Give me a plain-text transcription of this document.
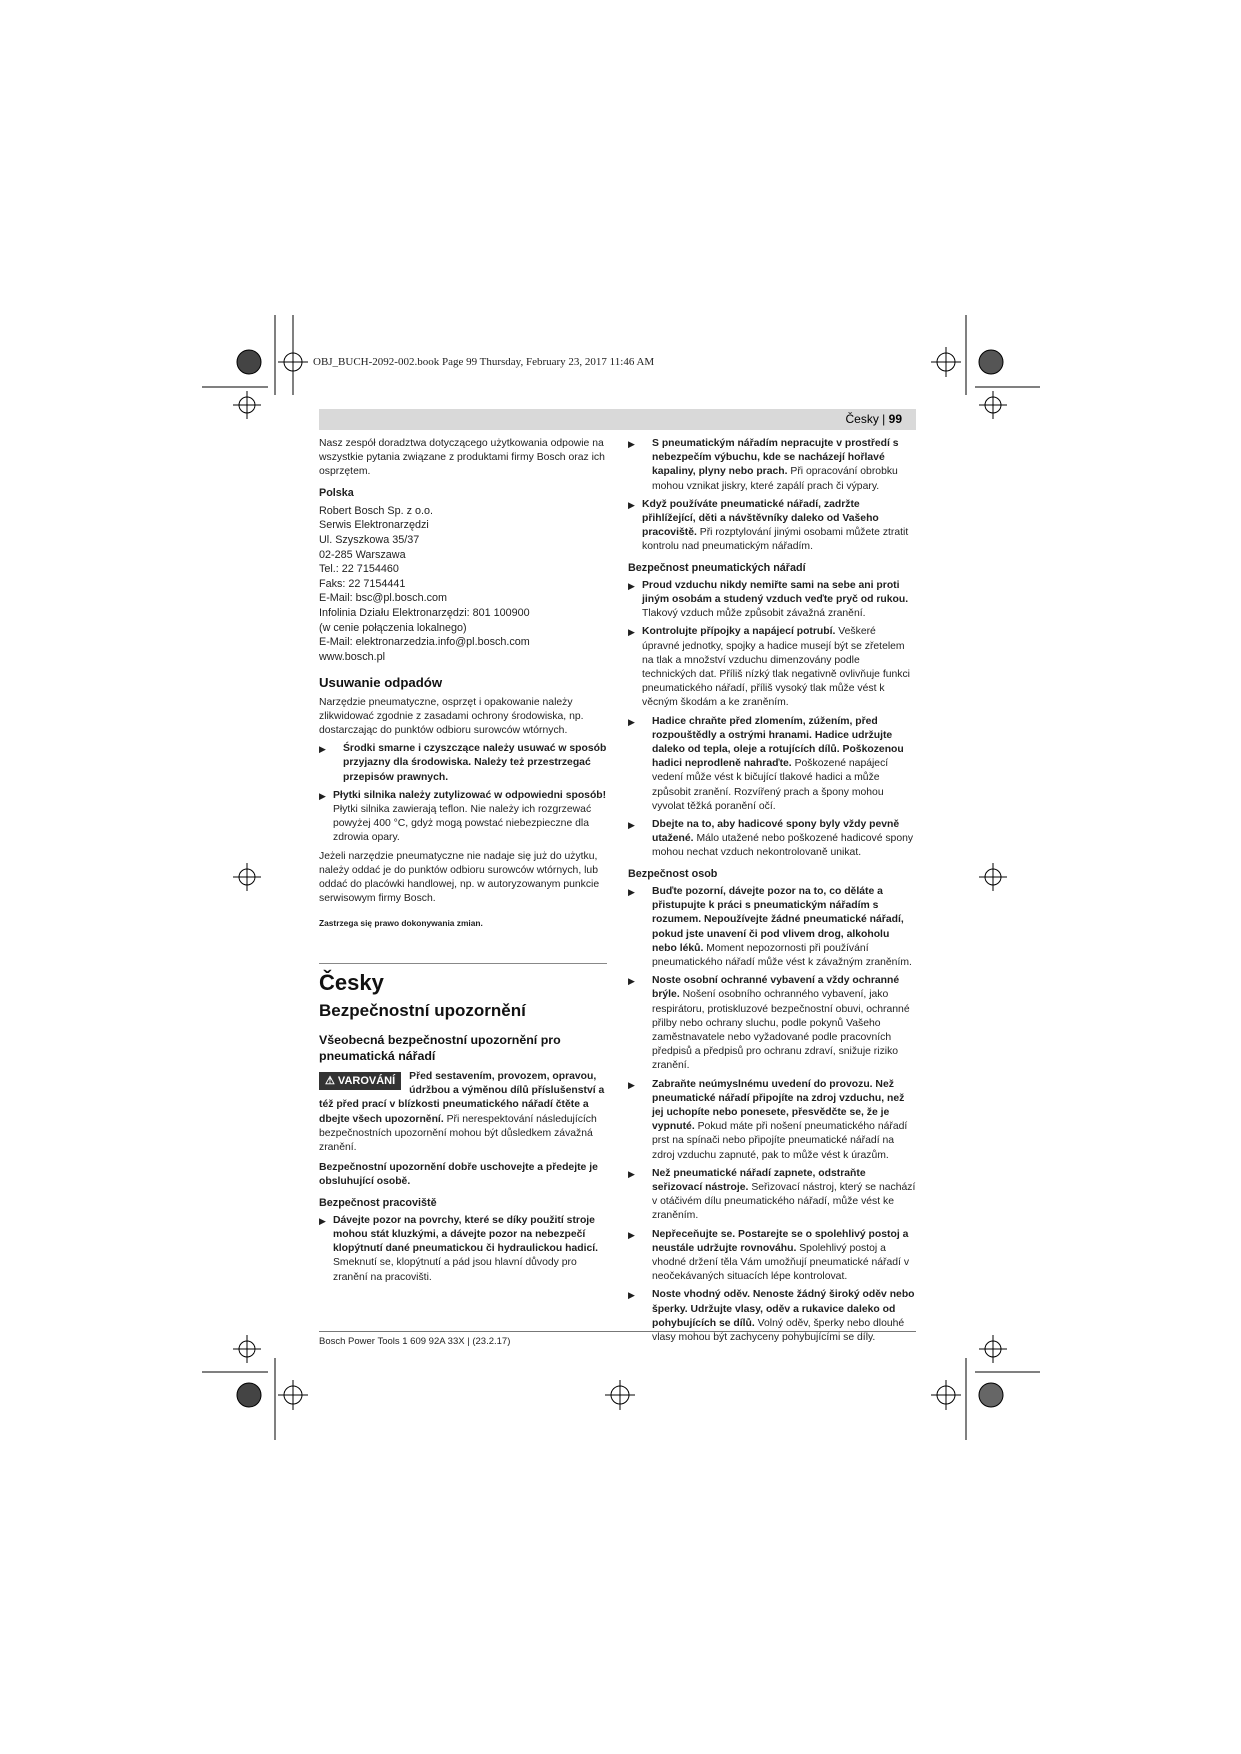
OBJ_BUCH-2092-002.book Page 99 Thursday, February 23, 2017 11:46 AM
Česky | 99

Nasz zespół doradztwa dotyczącego użytkowania odpowie na wszystkie pytania związane z produktami firmy Bosch oraz ich osprzętem.

Polska
Robert Bosch Sp. z o.o.
Serwis Elektronarzędzi
Ul. Szyszkowa 35/37
02-285 Warszawa
Tel.: 22 7154460
Faks: 22 7154441
E-Mail: bsc@pl.bosch.com
Infolinia Działu Elektronarzędzi: 801 100900
(w cenie połączenia lokalnego)
E-Mail: elektronarzedzia.info@pl.bosch.com
www.bosch.pl
Usuwanie odpadów

Narzędzie pneumatyczne, osprzęt i opakowanie należy zlikwidować zgodnie z zasadami ochrony środowiska, np. dostarczając do punktów odbioru surowców wtórnych.

▶ Środki smarne i czyszczące należy usuwać w sposób przyjazny dla środowiska. Należy też przestrzegać przepisów prawnych.
▶ Płytki silnika należy zutylizować w odpowiedni sposób! Płytki silnika zawierają teflon. Nie należy ich rozgrzewać powyżej 400 °C, gdyż mogą powstać niebezpieczne dla zdrowia opary.

Jeżeli narzędzie pneumatyczne nie nadaje się już do użytku, należy oddać je do punktów odbioru surowców wtórnych, lub oddać do placówki handlowej, np. w autoryzowanym punkcie serwisowym firmy Bosch.

Zastrzega się prawo dokonywania zmian.
Česky
Bezpečnostní upozornění
Všeobecná bezpečnostní upozornění pro pneumatická nářadí
⚠ VAROVÁNÍ	Před sestavením, provozem, opravou, údržbou a výměnou dílů příslušenství a též před prací v blízkosti pneumatického nářadí čtěte a dbejte všech upozornění. Při nerespektování následujících bezpečnostních upozornění mohou být důsledkem závažná zranění.

Bezpečnostní upozornění dobře uschovejte a předejte je obsluhující osobě.

Bezpečnost pracoviště
▶ Dávejte pozor na povrchy, které se díky použití stroje mohou stát kluzkými, a dávejte pozor na nebezpečí klopýtnutí dané pneumatickou či hydraulickou hadicí. Smeknutí se, klopýtnutí a pád jsou hlavní důvody pro zranění na pracovišti.
▶ S pneumatickým nářadím nepracujte v prostředí s nebezpečím výbuchu, kde se nacházejí hořlavé kapaliny, plyny nebo prach. Při opracování obrobku mohou vznikat jiskry, které zapálí prach či výpary.
▶ Když používáte pneumatické nářadí, zadržte přihlížející, děti a návštěvníky daleko od Vašeho pracoviště. Při rozptylování jinými osobami můžete ztratit kontrolu nad pneumatickým nářadím.
Bezpečnost pneumatických nářadí
▶ Proud vzduchu nikdy nemiřte sami na sebe ani proti jiným osobám a studený vzduch veďte pryč od rukou. Tlakový vzduch může způsobit závažná zranění.
▶ Kontrolujte přípojky a napájecí potrubí. Veškeré úpravné jednotky, spojky a hadice musejí být se zřetelem na tlak a množství vzduchu dimenzovány podle technických dat. Příliš nízký tlak negativně ovlivňuje funkci pneumatického nářadí, příliš vysoký tlak může vést k věcným škodám a ke zraněním.
▶ Hadice chraňte před zlomením, zúžením, před rozpouštědly a ostrými hranami. Hadice udržujte daleko od tepla, oleje a rotujících dílů. Poškozenou hadici neprodleně nahraďte. Poškozené napájecí vedení může vést k bičující tlakové hadici a může způsobit zranění. Rozvířený prach a špony mohou vyvolat těžká poranění očí.
▶ Dbejte na to, aby hadicové spony byly vždy pevně utažené. Málo utažené nebo poškozené hadicové spony mohou nechat vzduch nekontrolovaně unikat.
Bezpečnost osob
▶ Buďte pozorní, dávejte pozor na to, co děláte a přistupujte k práci s pneumatickým nářadím s rozumem. Nepoužívejte žádné pneumatické nářadí, pokud jste unavení či pod vlivem drog, alkoholu nebo léků. Moment nepozornosti při používání pneumatického nářadí může vést k závažným zraněním.
▶ Noste osobní ochranné vybavení a vždy ochranné brýle. Nošení osobního ochranného vybavení, jako respirátoru, protiskluzové bezpečnostní obuvi, ochranné přilby nebo ochrany sluchu, podle pokynů Vašeho zaměstnavatele nebo vyžadované podle pracovních předpisů a předpisů pro ochranu zdraví, snižuje riziko zranění.
▶ Zabraňte neúmyslnému uvedení do provozu. Než pneumatické nářadí připojíte na zdroj vzduchu, než jej uchopíte nebo ponesete, přesvědčte se, že je vypnuté. Pokud máte při nošení pneumatického nářadí prst na spínači nebo připojíte pneumatické nářadí na zdroj vzduchu zapnuté, pak to může vést k úrazům.
▶ Než pneumatické nářadí zapnete, odstraňte seřizovací nástroje. Seřizovací nástroj, který se nachází v otáčivém dílu pneumatického nářadí, může vést ke zraněním.
▶ Nepřeceňujte se. Postarejte se o spolehlivý postoj a neustále udržujte rovnováhu. Spolehlivý postoj a vhodné držení těla Vám umožňují pneumatické nářadí v neočekávaných situacích lépe kontrolovat.
▶ Noste vhodný oděv. Nenoste žádný široký oděv nebo šperky. Udržujte vlasy, oděv a rukavice daleko od pohybujících se dílů. Volný oděv, šperky nebo dlouhé vlasy mohou být zachyceny pohybujícími se díly.
Bosch Power Tools 1 609 92A 33X | (23.2.17)
